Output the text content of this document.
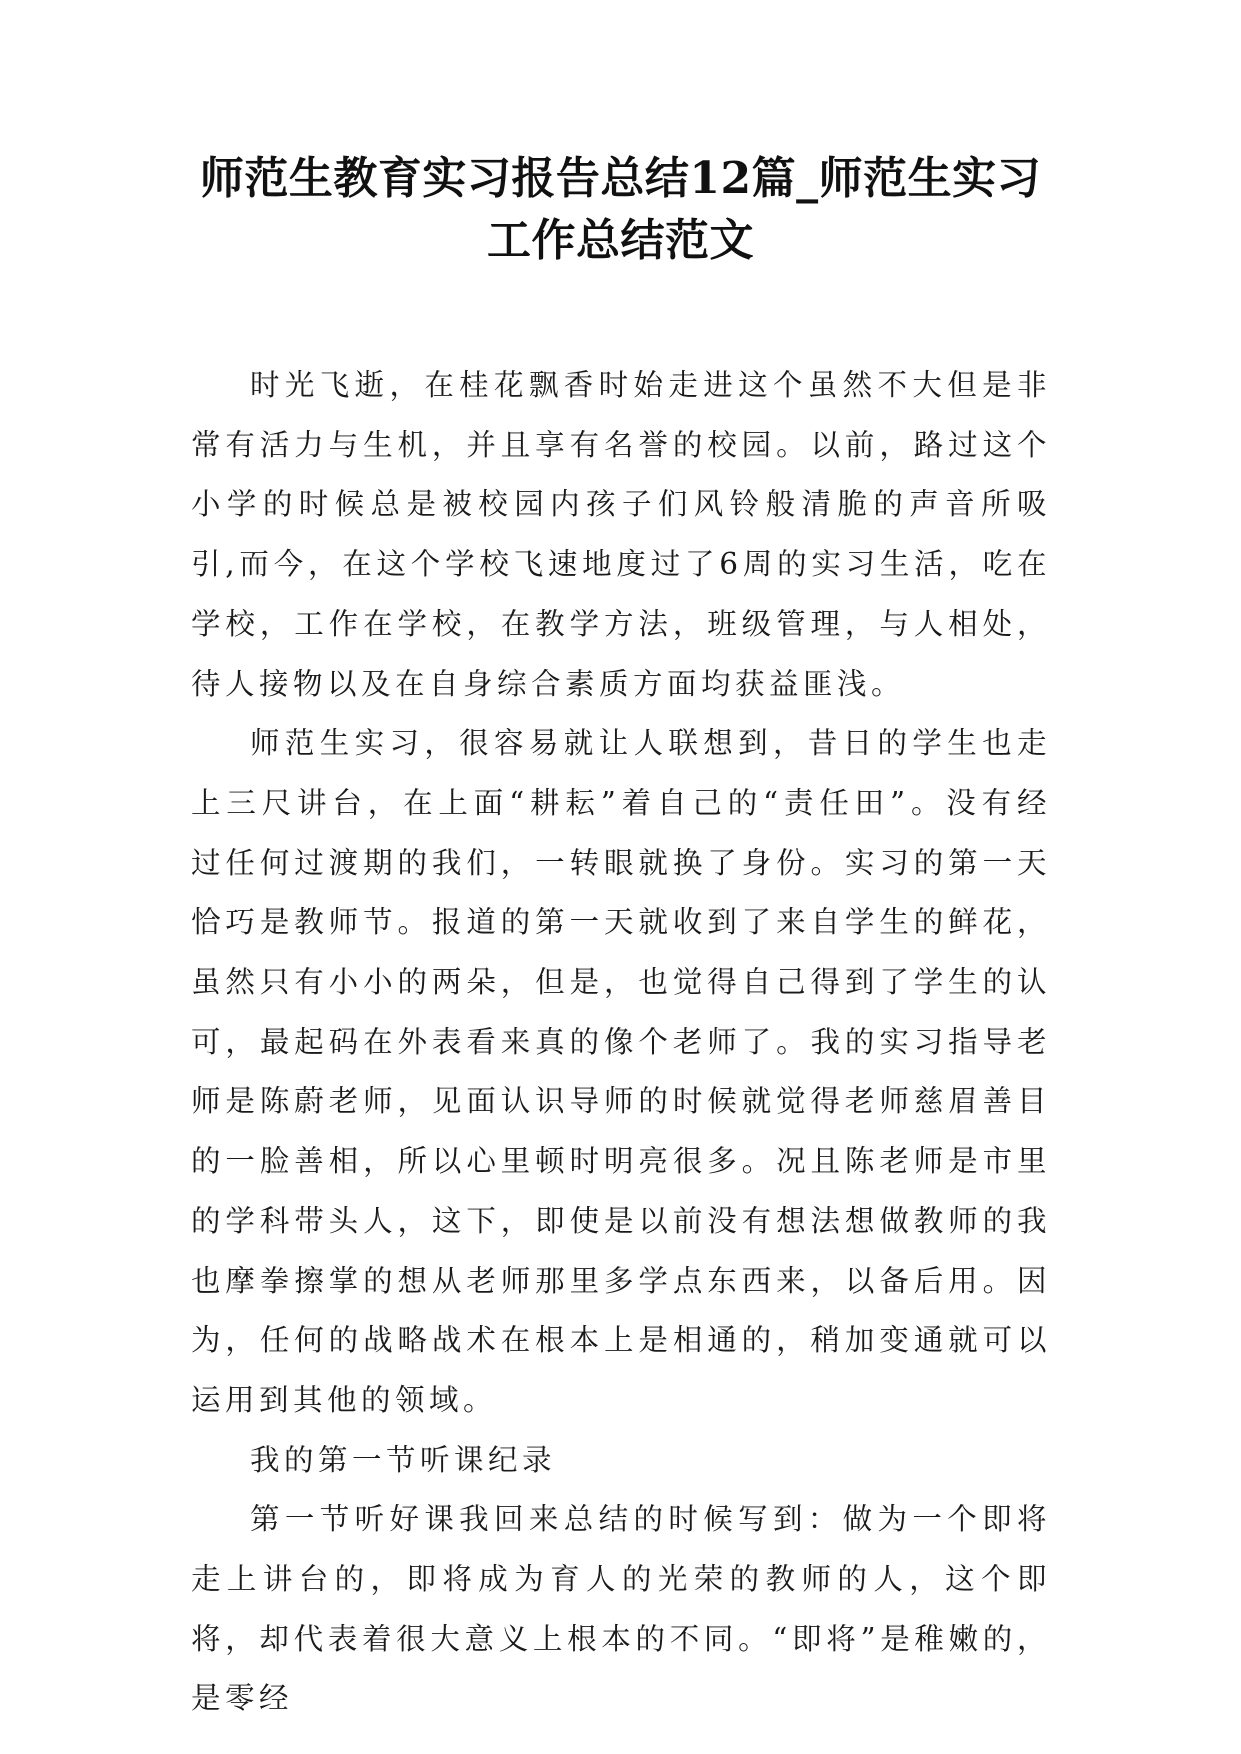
师范生教育实习报告总结12篇_师范生实习
工作总结范文

时光飞逝，在桂花飘香时始走进这个虽然不大但是非常有活力与生机，并且享有名誉的校园。以前，路过这个小学的时候总是被校园内孩子们风铃般清脆的声音所吸引,而今，在这个学校飞速地度过了6周的实习生活，吃在学校，工作在学校，在教学方法，班级管理，与人相处，待人接物以及在自身综合素质方面均获益匪浅。

师范生实习，很容易就让人联想到，昔日的学生也走上三尺讲台，在上面“耕耘”着自己的“责任田”。没有经过任何过渡期的我们，一转眼就换了身份。实习的第一天恰巧是教师节。报道的第一天就收到了来自学生的鲜花，虽然只有小小的两朵，但是，也觉得自己得到了学生的认可，最起码在外表看来真的像个老师了。我的实习指导老师是陈蔚老师，见面认识导师的时候就觉得老师慈眉善目的一脸善相，所以心里顿时明亮很多。况且陈老师是市里的学科带头人，这下，即使是以前没有想法想做教师的我也摩拳擦掌的想从老师那里多学点东西来，以备后用。因为，任何的战略战术在根本上是相通的，稍加变通就可以运用到其他的领域。

我的第一节听课纪录

第一节听好课我回来总结的时候写到：做为一个即将走上讲台的，即将成为育人的光荣的教师的人，这个即将，却代表着很大意义上根本的不同。“即将”是稚嫩的，是零经
